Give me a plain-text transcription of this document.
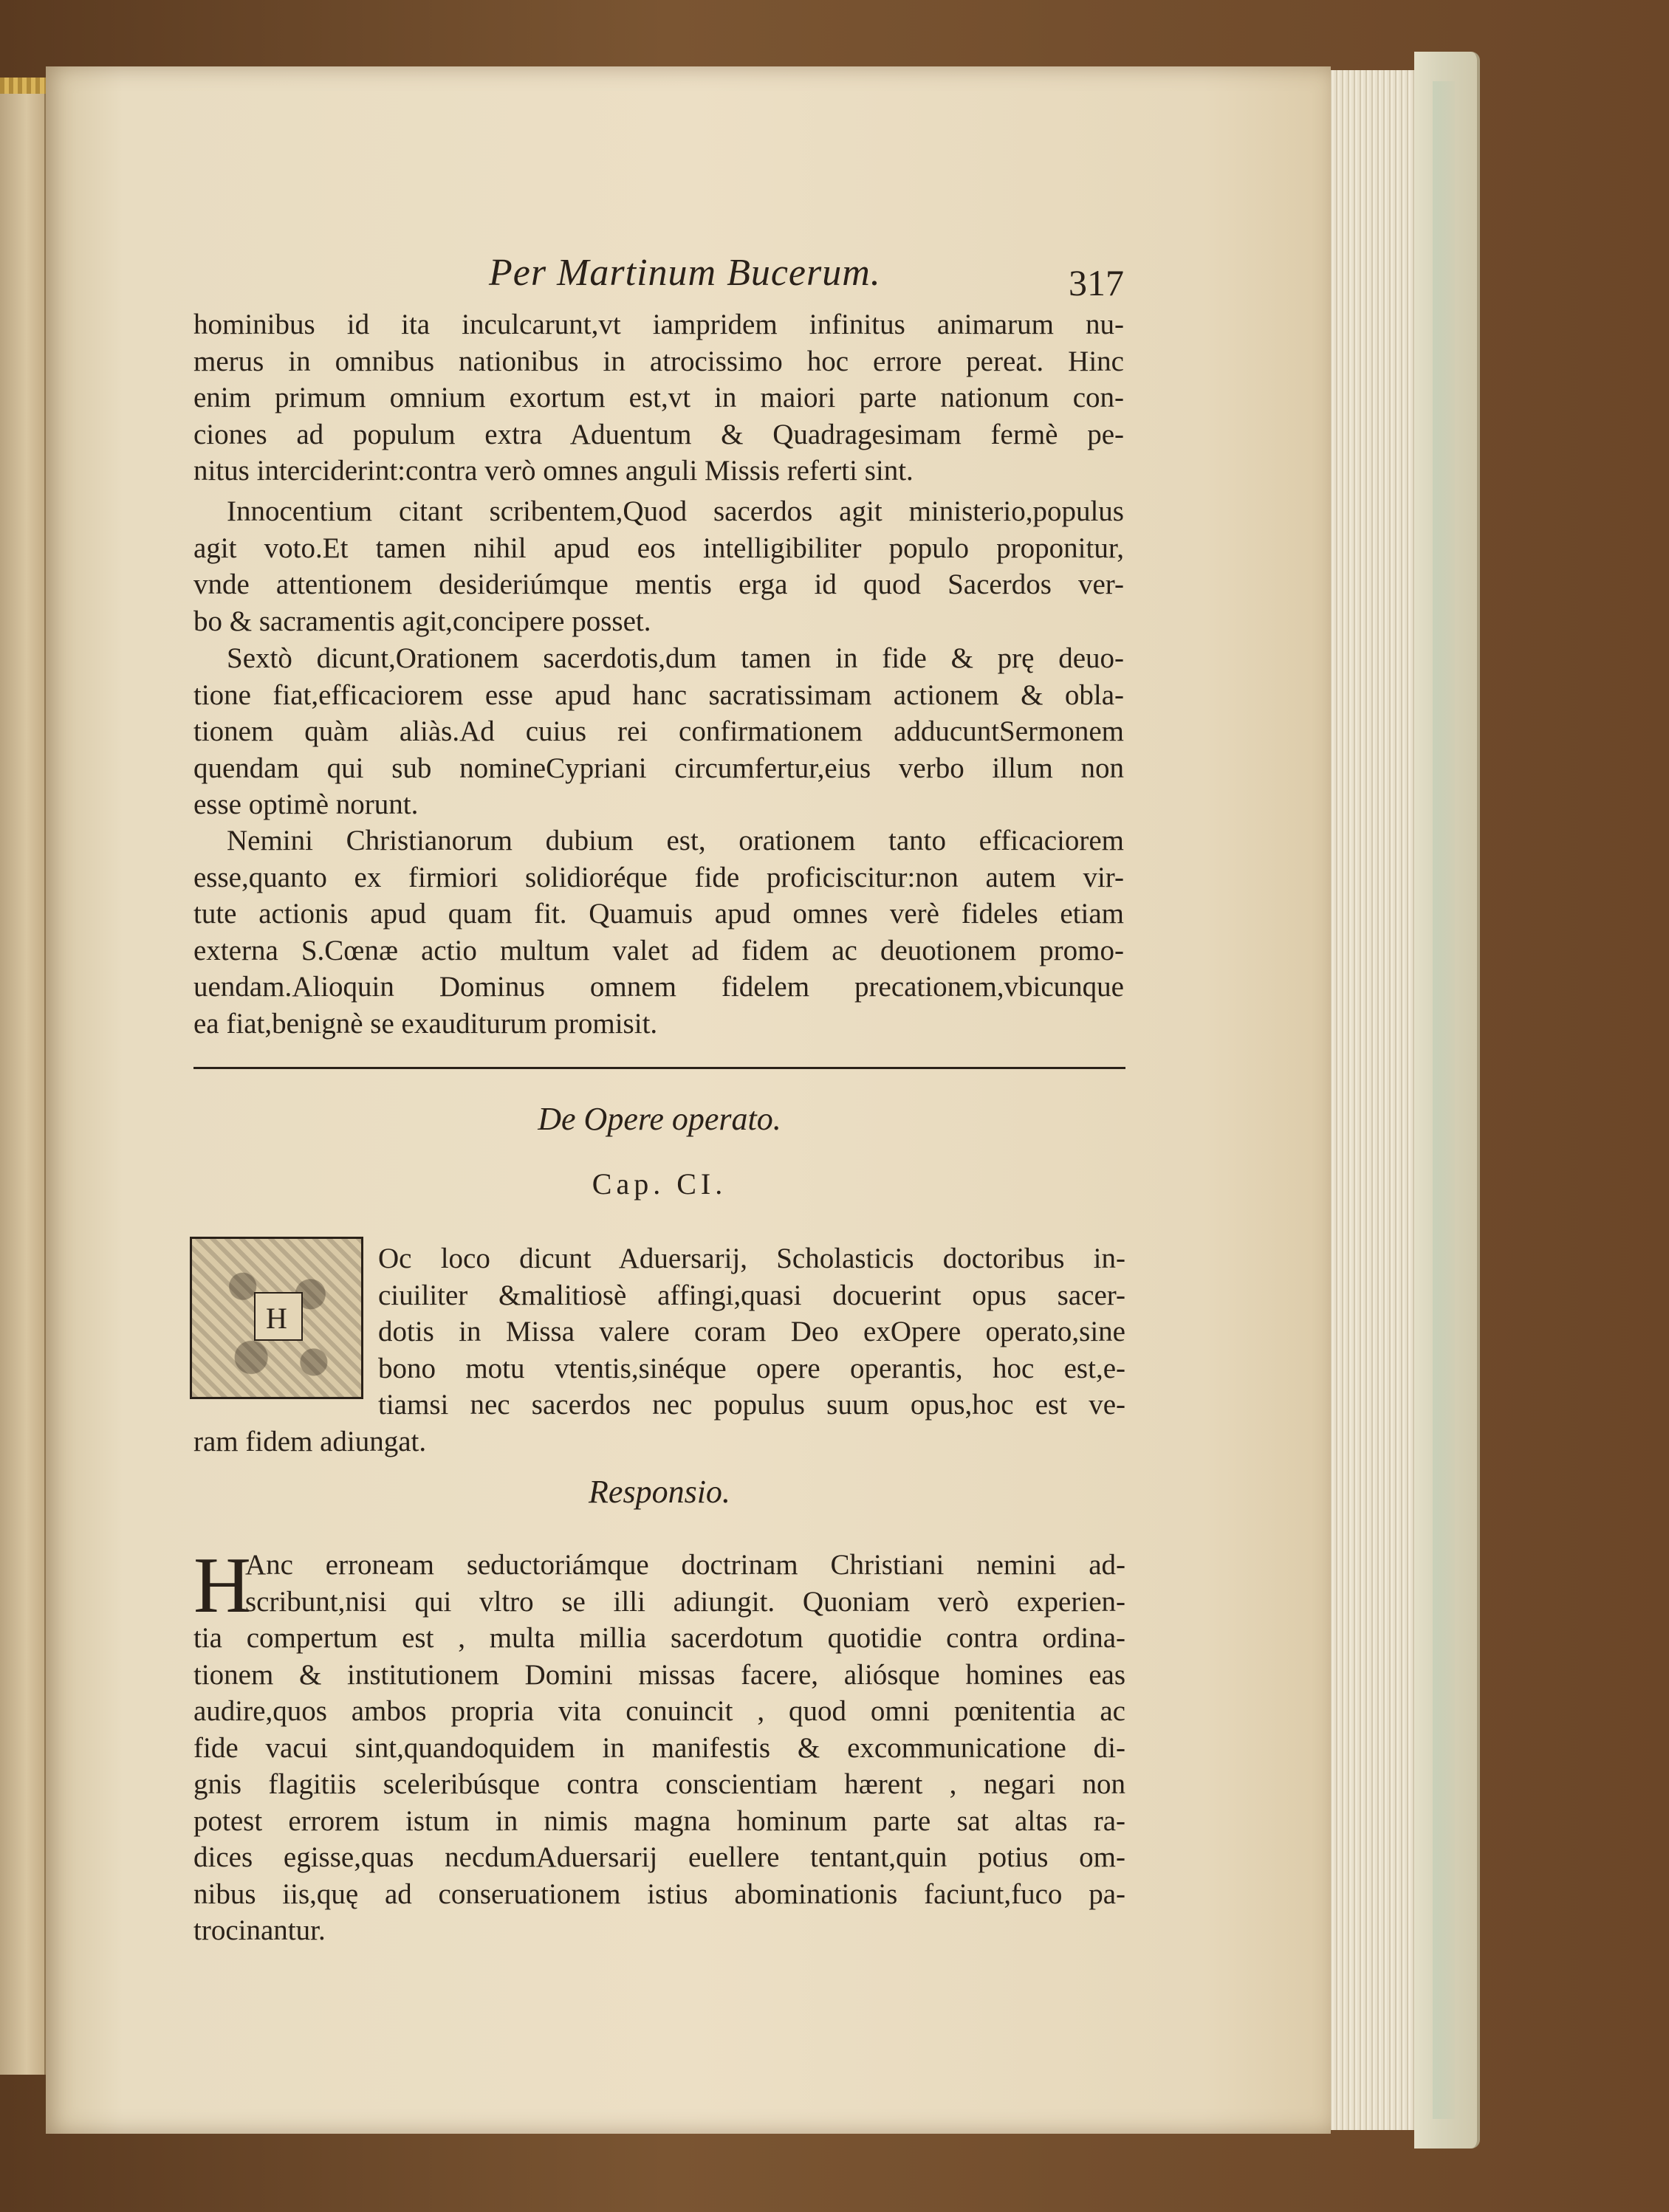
Per Martinum Bucerum.	317
hominibus id ita inculcarunt,vt iampridem infinitus animarum nu-
merus in omnibus nationibus in atrocissimo hoc errore pereat. Hinc
enim primum omnium exortum est,vt in maiori parte nationum con-
ciones ad populum extra Aduentum & Quadragesimam fermè pe-
nitus interciderint:contra verò omnes anguli Missis referti sint.
Innocentium citant scribentem,Quod sacerdos agit ministerio,populus
agit voto.Et tamen nihil apud eos intelligibiliter populo proponitur,
vnde attentionem desideriúmque mentis erga id quod Sacerdos ver-
bo & sacramentis agit,concipere posset.
Sextò dicunt,Orationem sacerdotis,dum tamen in fide & prę deuo-
tione fiat,efficaciorem esse apud hanc sacratissimam actionem & obla-
tionem quàm aliàs.Ad cuius rei confirmationem adducuntSermonem
quendam qui sub nomineCypriani circumfertur,eius verbo illum non
esse optimè norunt.
Nemini Christianorum dubium est, orationem tanto efficaciorem
esse,quanto ex firmiori solidioréque fide proficiscitur:non autem vir-
tute actionis apud quam fit. Quamuis apud omnes verè fideles etiam
externa S.Cœnæ actio multum valet ad fidem ac deuotionem promo-
uendam.Alioquin Dominus omnem fidelem precationem,vbicunque
ea fiat,benignè se exauditurum promisit.
De Opere operato.
Cap. CI.
H
Oc loco dicunt Aduersarij, Scholasticis doctoribus in-
ciuiliter &malitiosè affingi,quasi docuerint opus sacer-
dotis in Missa valere coram Deo exOpere operato,sine
bono motu vtentis,sinéque opere operantis, hoc est,e-
tiamsi nec sacerdos nec populus suum opus,hoc est ve-
ram fidem adiungat.
Responsio.
H
Anc erroneam seductoriámque doctrinam Christiani nemini ad-
scribunt,nisi qui vltro se illi adiungit. Quoniam verò experien-
tia compertum est , multa millia sacerdotum quotidie contra ordina-
tionem & institutionem Domini missas facere, aliósque homines eas
audire,quos ambos propria vita conuincit , quod omni pœnitentia ac
fide vacui sint,quandoquidem in manifestis & excommunicatione di-
gnis flagitiis sceleribúsque contra conscientiam hærent , negari non
potest errorem istum in nimis magna hominum parte sat altas ra-
dices egisse,quas necdumAduersarij euellere tentant,quin potius om-
nibus iis,quę ad conseruationem istius abominationis faciunt,fuco pa-
trocinantur.
